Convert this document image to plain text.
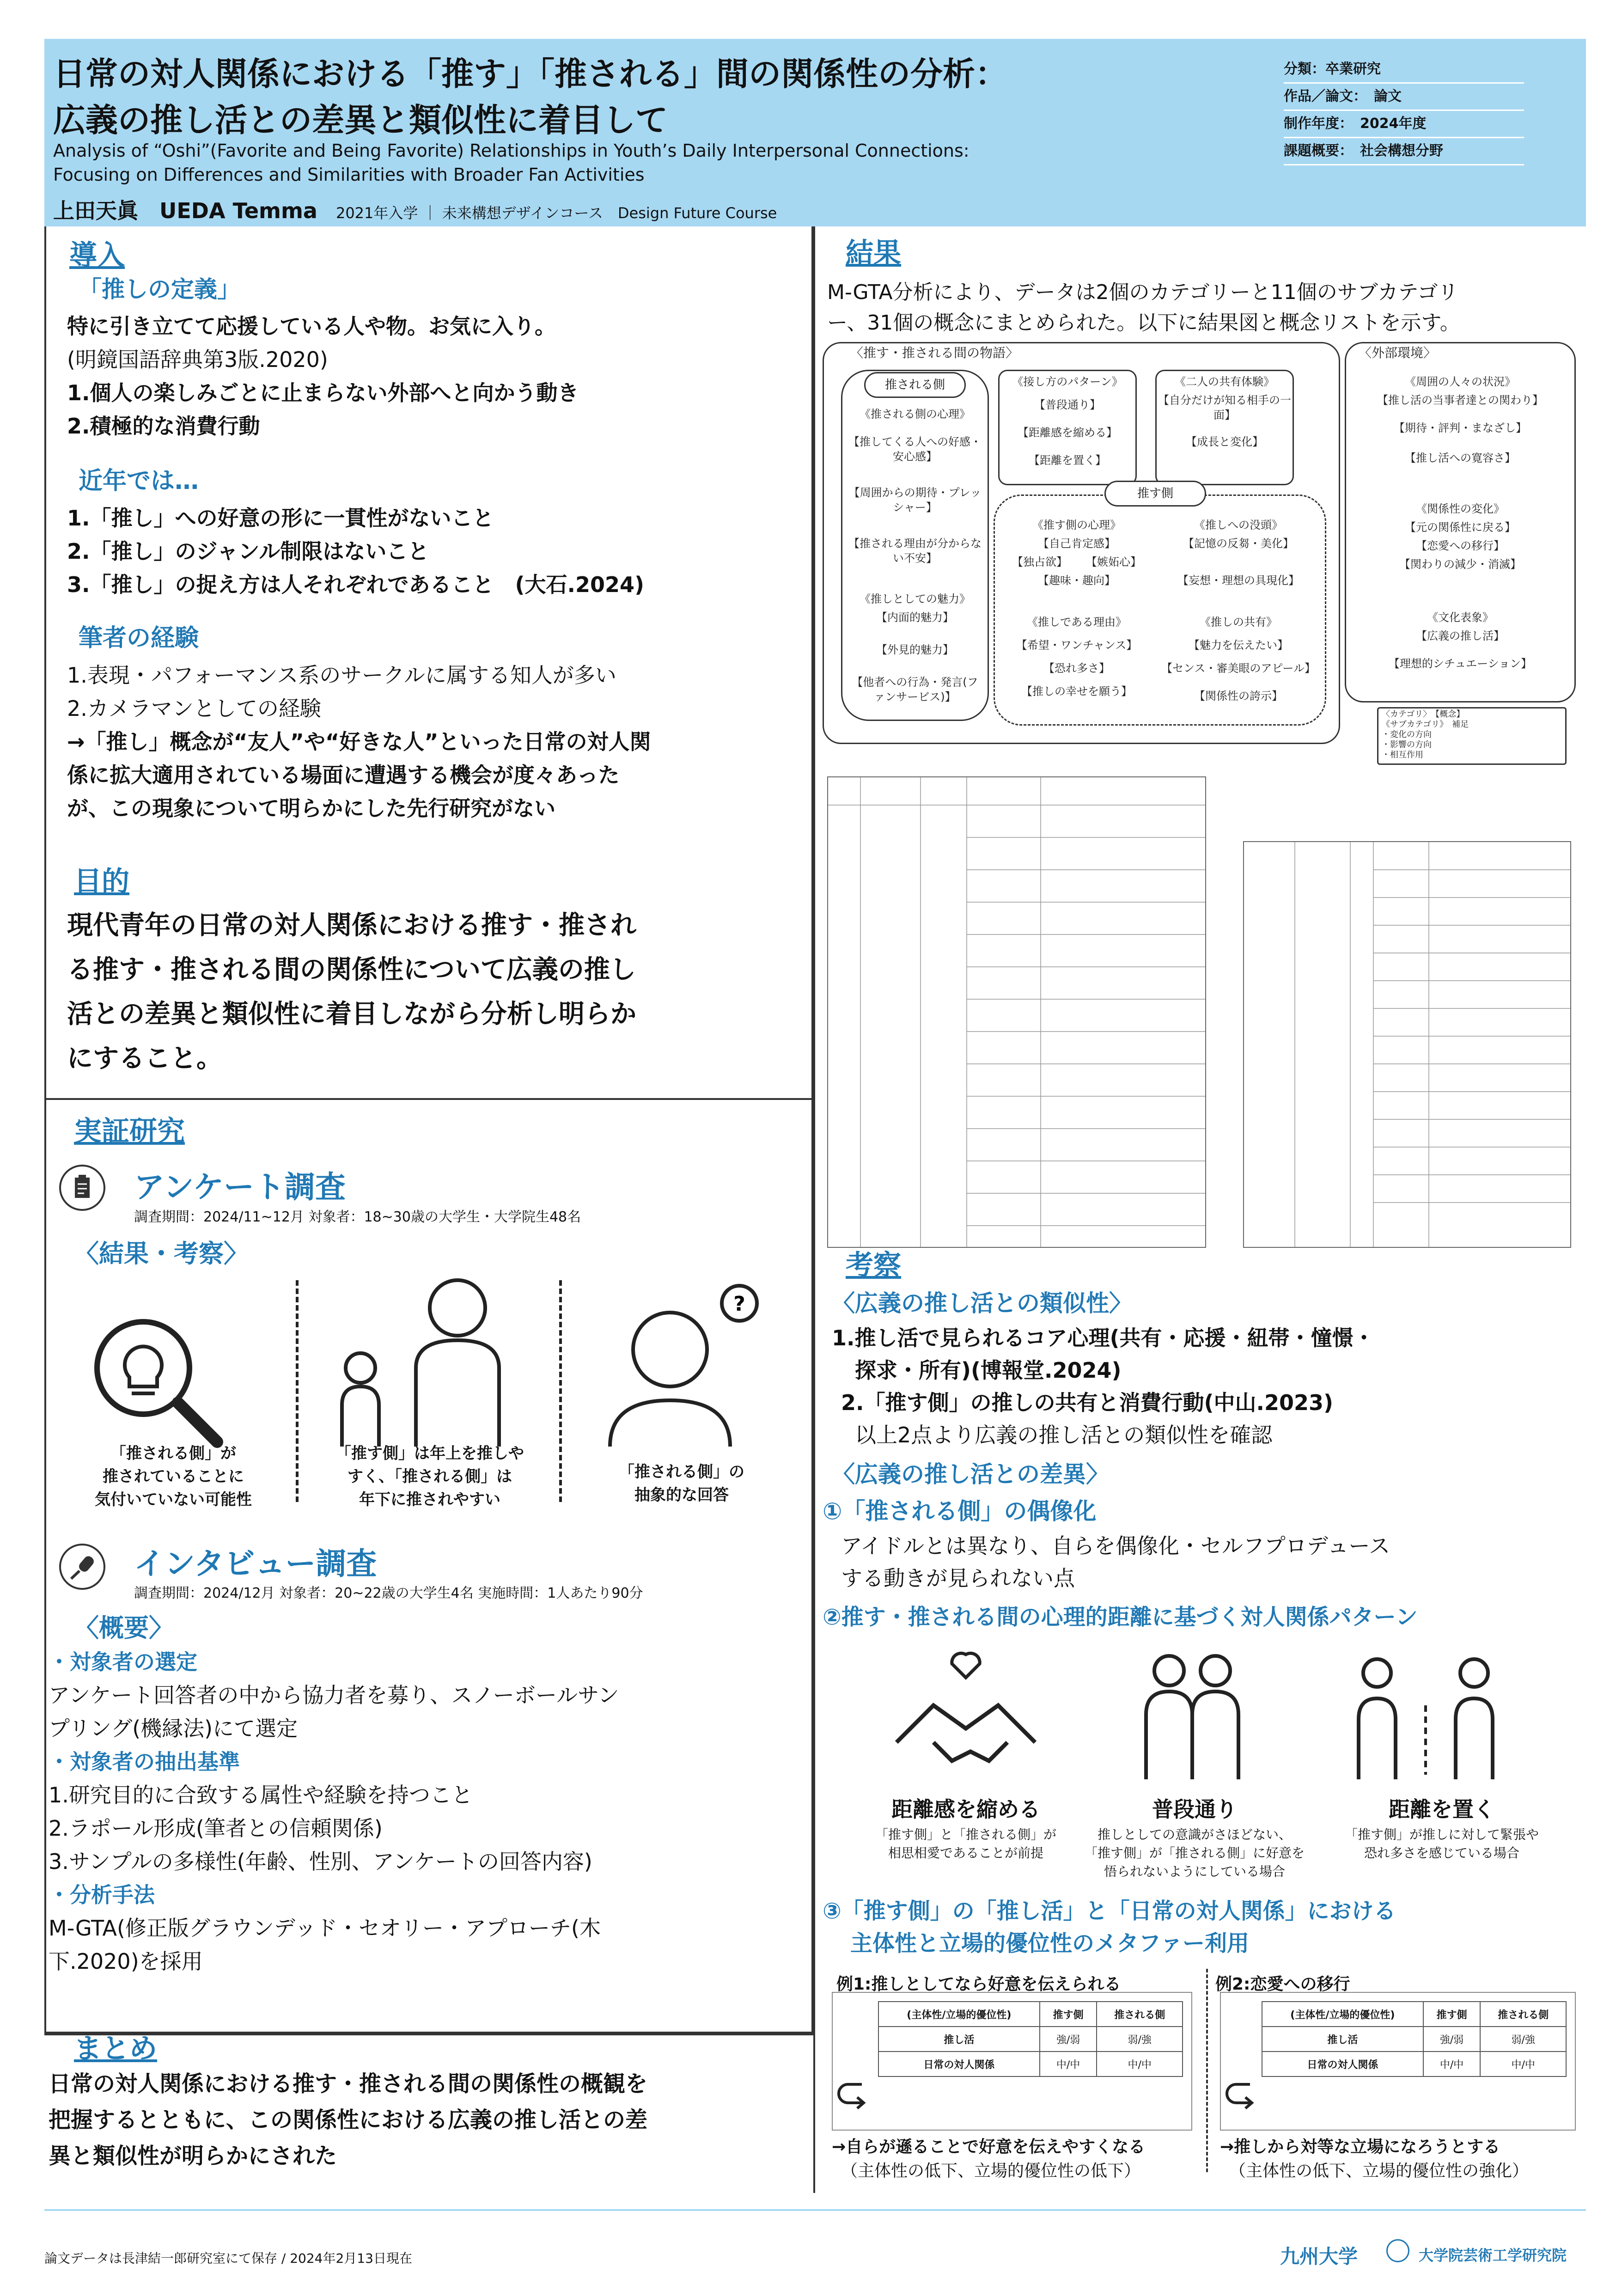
日常の対人関係における「推す」「推される」間の関係性の分析：
広義の推し活との差異と類似性に着目して
Analysis of “Oshi”(Favorite and Being Favorite) Relationships in Youth’s Daily Interpersonal Connections:
Focusing on Differences and Similarities with Broader Fan Activities
分類：卒業研究
作品／論文：　論文
制作年度：　2024年度
課題概要：　社会構想分野
上田天眞　UEDA Temma 2021年入学 ｜ 未来構想デザインコース　Design Future Course
導入
「推しの定義」
特に引き立てて応援している人や物。お気に入り。
(明鏡国語辞典第3版.2020)
1.個人の楽しみごとに止まらない外部へと向かう動き
2.積極的な消費行動
近年では…
1.「推し」への好意の形に一貫性がないこと
2.「推し」のジャンル制限はないこと
3.「推し」の捉え方は人それぞれであること　(大石.2024)
筆者の経験
1.表現・パフォーマンス系のサークルに属する知人が多い
2.カメラマンとしての経験
→「推し」概念が“友人”や“好きな人”といった日常の対人関
係に拡大適用されている場面に遭遇する機会が度々あった
が、この現象について明らかにした先行研究がない
目的
現代青年の日常の対人関係における推す・推され
る推す・推される間の関係性について広義の推し
活との差異と類似性に着目しながら分析し明らか
にすること。
実証研究
アンケート調査
調査期間：2024/11~12月 対象者：18~30歳の大学生・大学院生48名
〈結果・考察〉
?
「推される側」が
推されていることに
気付いていない可能性
「推す側」は年上を推しや
すく、「推される側」は
年下に推されやすい
「推される側」の
抽象的な回答
インタビュー調査
調査期間：2024/12月 対象者：20~22歳の大学生4名 実施時間：1人あたり90分
〈概要〉
・対象者の選定
アンケート回答者の中から協力者を募り、スノーボールサン
プリング(機縁法)にて選定
・対象者の抽出基準
1.研究目的に合致する属性や経験を持つこと
2.ラポール形成(筆者との信頼関係)
3.サンプルの多様性(年齢、性別、アンケートの回答内容)
・分析手法
M-GTA(修正版グラウンデッド・セオリー・アプローチ(木
下.2020)を採用
まとめ
日常の対人関係における推す・推される間の関係性の概観を
把握するとともに、この関係性における広義の推し活との差
異と類似性が明らかにされた
結果
M-GTA分析により、データは2個のカテゴリーと11個のサブカテゴリ
ー、31個の概念にまとめられた。以下に結果図と概念リストを示す。
〈推す・推される間の物語〉	〈外部環境〉
推される側
《推される側の心理》
【推してくる人への好感・安心感】
【周囲からの期待・プレッシャー】
【推される理由が分からない不安】
《推しとしての魅力》
【内面的魅力】
【外見的魅力】
【他者への行為・発言(ファンサービス)】
《接し方のパターン》
【普段通り】
【距離感を縮める】
【距離を置く】
《二人の共有体験》
【自分だけが知る相手の一面】
【成長と変化】
推す側
《推す側の心理》
【自己肯定感】
【独占欲】	【嫉妬心】
【趣味・趣向】
《推しへの没頭》
【記憶の反芻・美化】
【妄想・理想の具現化】
《推しである理由》
【希望・ワンチャンス】
【恐れ多さ】
【推しの幸せを願う】
《推しの共有》
【魅力を伝えたい】
【センス・審美眼のアピール】
【関係性の誇示】
《周囲の人々の状況》
【推し活の当事者達との関わり】
【期待・評判・まなざし】
【推し活への寛容さ】
《関係性の変化》
【元の関係性に戻る】
【恋愛への移行】
【関わりの減少・消滅】
《文化表象》
【広義の推し活】
【理想的シチュエーション】
〈カテゴリ〉　 【概念】
《サブカテゴリ》　 補足
・変化の方向
・影響の方向
・相互作用
考察
〈広義の推し活との類似性〉
1.推し活で見られるコア心理(共有・応援・紐帯・憧憬・
探求・所有)(博報堂.2024)
2.「推す側」の推しの共有と消費行動(中山.2023)
以上2点より広義の推し活との類似性を確認
〈広義の推し活との差異〉
①「推される側」の偶像化
アイドルとは異なり、自らを偶像化・セルフプロデュース
する動きが見られない点
②推す・推される間の心理的距離に基づく対人関係パターン
距離感を縮める
「推す側」と「推される側」が
相思相愛であることが前提
普段通り
推しとしての意識がさほどない、
「推す側」が「推される側」に好意を
悟られないようにしている場合
距離を置く
「推す側」が推しに対して緊張や
恐れ多さを感じている場合
③「推す側」の「推し活」と「日常の対人関係」における
主体性と立場的優位性のメタファー利用
例1:推しとしてなら好意を伝えられる	例2:恋愛への移行
(主体性/立場的優位性)	推す側	推される側
推し活	強/弱	弱/強
日常の対人関係	中/中	中/中
(主体性/立場的優位性)	推す側	推される側
推し活	強/弱	弱/強
日常の対人関係	中/中	中/中
→自らが遜ることで好意を伝えやすくなる
（主体性の低下、立場的優位性の低下）
→推しから対等な立場になろうとする
（主体性の低下、立場的優位性の強化）
論文データは長津結一郎研究室にて保存 / 2024年2月13日現在	九州大学	大学院芸術工学研究院
